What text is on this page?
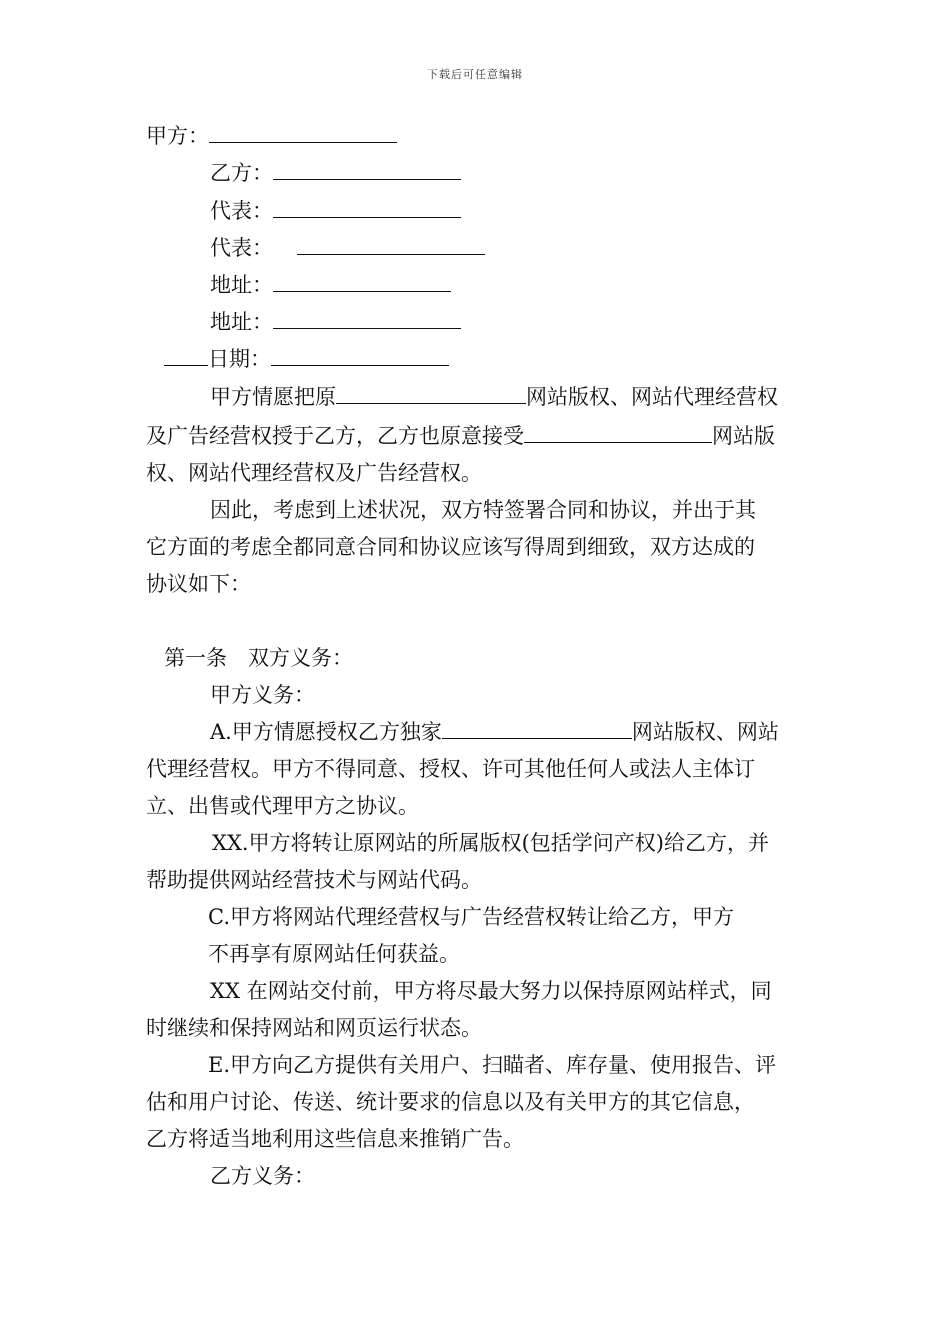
下载后可任意编辑
甲方：
乙方：
代表：
代表：
地址：
地址：
日期：
甲方情愿把原	网站版权、网站代理经营权
及广告经营权授于乙方，乙方也原意接受	网站版
权、网站代理经营权及广告经营权。
因此，考虑到上述状况，双方特签署合同和协议，并出于其
它方面的考虑全都同意合同和协议应该写得周到细致，双方达成的
协议如下：
第一条　双方义务：
甲方义务：
A.甲方情愿授权乙方独家	网站版权、网站
代理经营权。甲方不得同意、授权、许可其他任何人或法人主体订
立、出售或代理甲方之协议。
XX.甲方将转让原网站的所属版权(包括学问产权)给乙方，并
帮助提供网站经营技术与网站代码。
C.甲方将网站代理经营权与广告经营权转让给乙方，甲方
不再享有原网站任何获益。
XX 在网站交付前，甲方将尽最大努力以保持原网站样式，同
时继续和保持网站和网页运行状态。
E.甲方向乙方提供有关用户、扫瞄者、库存量、使用报告、评
估和用户讨论、传送、统计要求的信息以及有关甲方的其它信息，
乙方将适当地利用这些信息来推销广告。
乙方义务：
